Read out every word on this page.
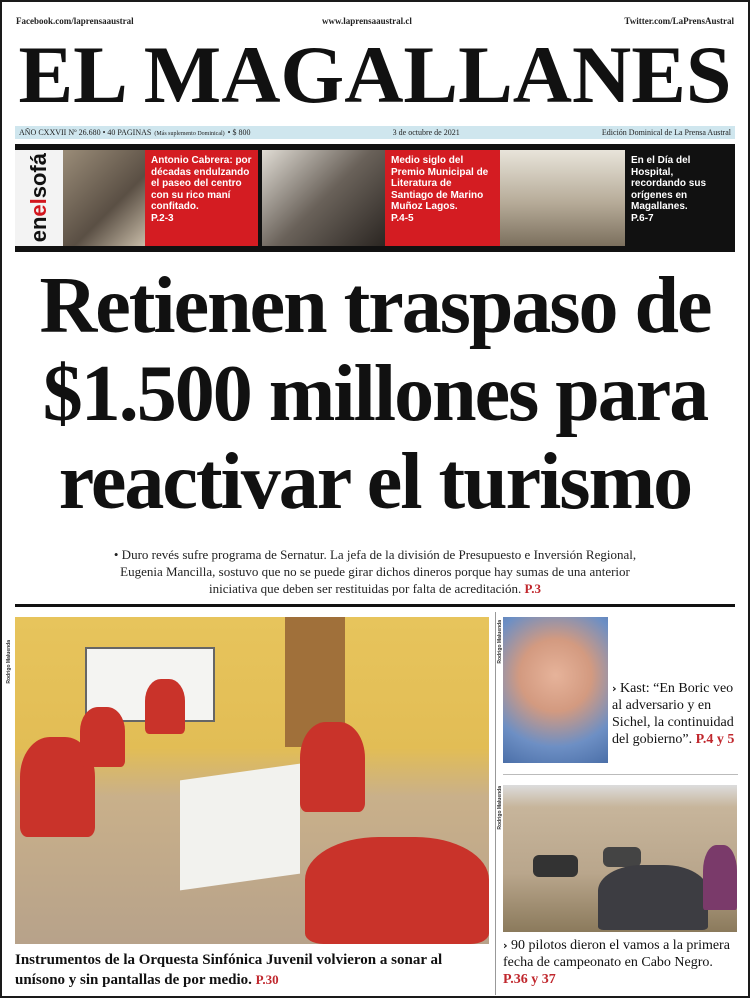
Facebook.com/laprensaaustral	www.laprensaaustral.cl	Twitter.com/LaPrensAustral
EL MAGALLANES
AÑO CXXVII Nº 26.680 • 40 PAGINAS (Más suplemento Dominical) • $ 800	3 de octubre de 2021	Edición Dominical de La Prensa Austral
enelsofá	Antonio Cabrera: por décadas endulzando el paseo del centro con su rico maní confitado.
P.2-3
Medio siglo del Premio Municipal de Literatura de Santiago de Marino Muñoz Lagos.
P.4-5
En el Día del Hospital, recordando sus orígenes en Magallanes.
P.6-7
Retienen traspaso de
$1.500 millones para
reactivar el turismo
• Duro revés sufre programa de Sernatur. La jefa de la división de Presupuesto e Inversión Regional, Eugenia Mancilla, sostuvo que no se puede girar dichos dineros porque hay sumas de una anterior iniciativa que deben ser restituidas por falta de acreditación. P.3
Rodrigo Maluenda
Instrumentos de la Orquesta Sinfónica Juvenil volvieron a sonar al unísono y sin pantallas de por medio. P.30
Rodrigo Maluenda
› Kast: “En Boric veo al adversario y en Sichel, la continuidad del gobierno”. P.4 y 5
Rodrigo Maluenda
› 90 pilotos dieron el vamos a la primera fecha de campeonato en Cabo Negro. P.36 y 37
